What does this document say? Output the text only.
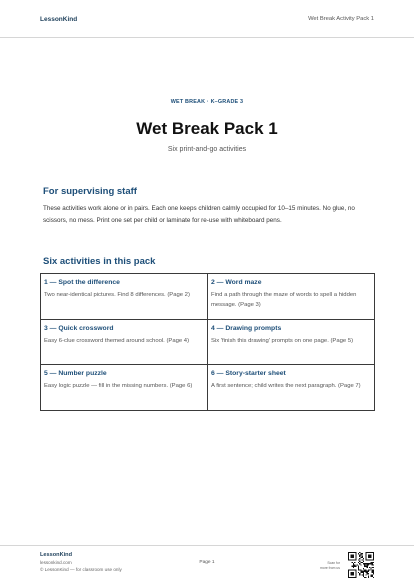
LessonKind	Wet Break Activity Pack 1
WET BREAK · K–GRADE 3
Wet Break Pack 1
Six print-and-go activities
For supervising staff
These activities work alone or in pairs. Each one keeps children calmly occupied for 10–15 minutes. No glue, no scissors, no mess. Print one set per child or laminate for re-use with whiteboard pens.
Six activities in this pack
1 — Spot the difference
Two near-identical pictures. Find 8 differences. (Page 2)
2 — Word maze
Find a path through the maze of words to spell a hidden message. (Page 3)
3 — Quick crossword
Easy 6-clue crossword themed around school. (Page 4)
4 — Drawing prompts
Six 'finish this drawing' prompts on one page. (Page 5)
5 — Number puzzle
Easy logic puzzle — fill in the missing numbers. (Page 6)
6 — Story-starter sheet
A first sentence; child writes the next paragraph. (Page 7)
LessonKind
lessonkind.com
© LessonKind — for classroom use only
Page 1	Scan for
more from us
